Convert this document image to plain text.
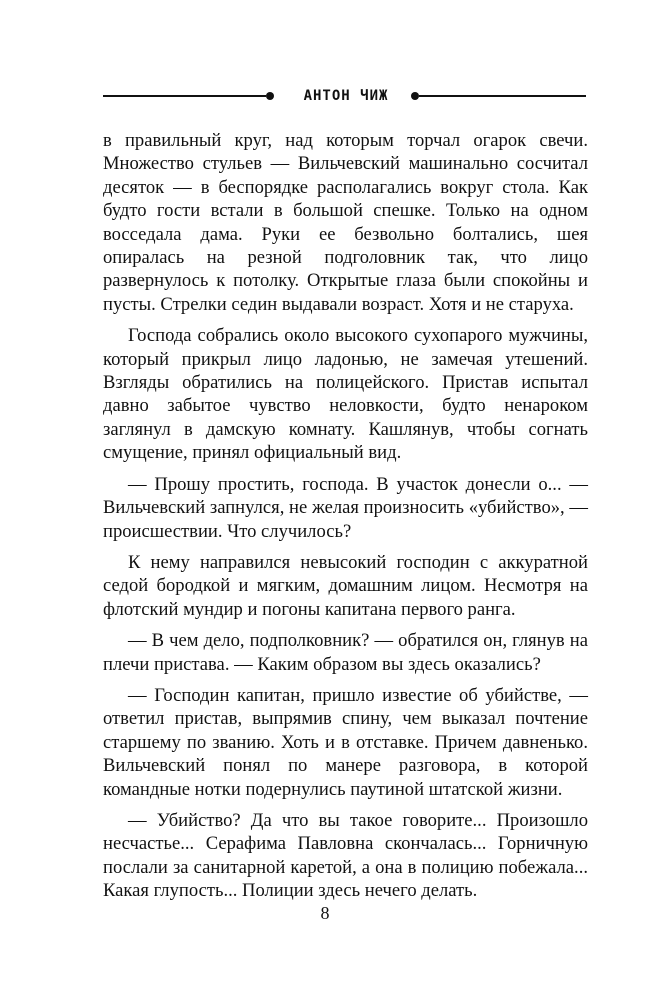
АНТОН ЧИЖ

в правильный круг, над которым торчал огарок свечи. Множество стульев — Вильчевский машинально сосчитал десяток — в беспорядке располагались вокруг стола. Как будто гости встали в большой спешке. Только на одном восседала дама. Руки ее безвольно болтались, шея опиралась на резной подголовник так, что лицо развернулось к потолку. Открытые глаза были спокойны и пусты. Стрелки седин выдавали возраст. Хотя и не старуха.

Господа собрались около высокого сухопарого мужчины, который прикрыл лицо ладонью, не замечая утешений. Взгляды обратились на полицейского. Пристав испытал давно забытое чувство неловкости, будто ненароком заглянул в дамскую комнату. Кашлянув, чтобы согнать смущение, принял официальный вид.

— Прошу простить, господа. В участок донесли о... — Вильчевский запнулся, не желая произносить «убийство», — происшествии. Что случилось?

К нему направился невысокий господин с аккуратной седой бородкой и мягким, домашним лицом. Несмотря на флотский мундир и погоны капитана первого ранга.

— В чем дело, подполковник? — обратился он, глянув на плечи пристава. — Каким образом вы здесь оказались?

— Господин капитан, пришло известие об убийстве, — ответил пристав, выпрямив спину, чем выказал почтение старшему по званию. Хоть и в отставке. Причем давненько. Вильчевский понял по манере разговора, в которой командные нотки подернулись паутиной штатской жизни.

— Убийство? Да что вы такое говорите... Произошло несчастье... Серафима Павловна скончалась... Горничную послали за санитарной каретой, а она в полицию побежала... Какая глупость... Полиции здесь нечего делать.

8
